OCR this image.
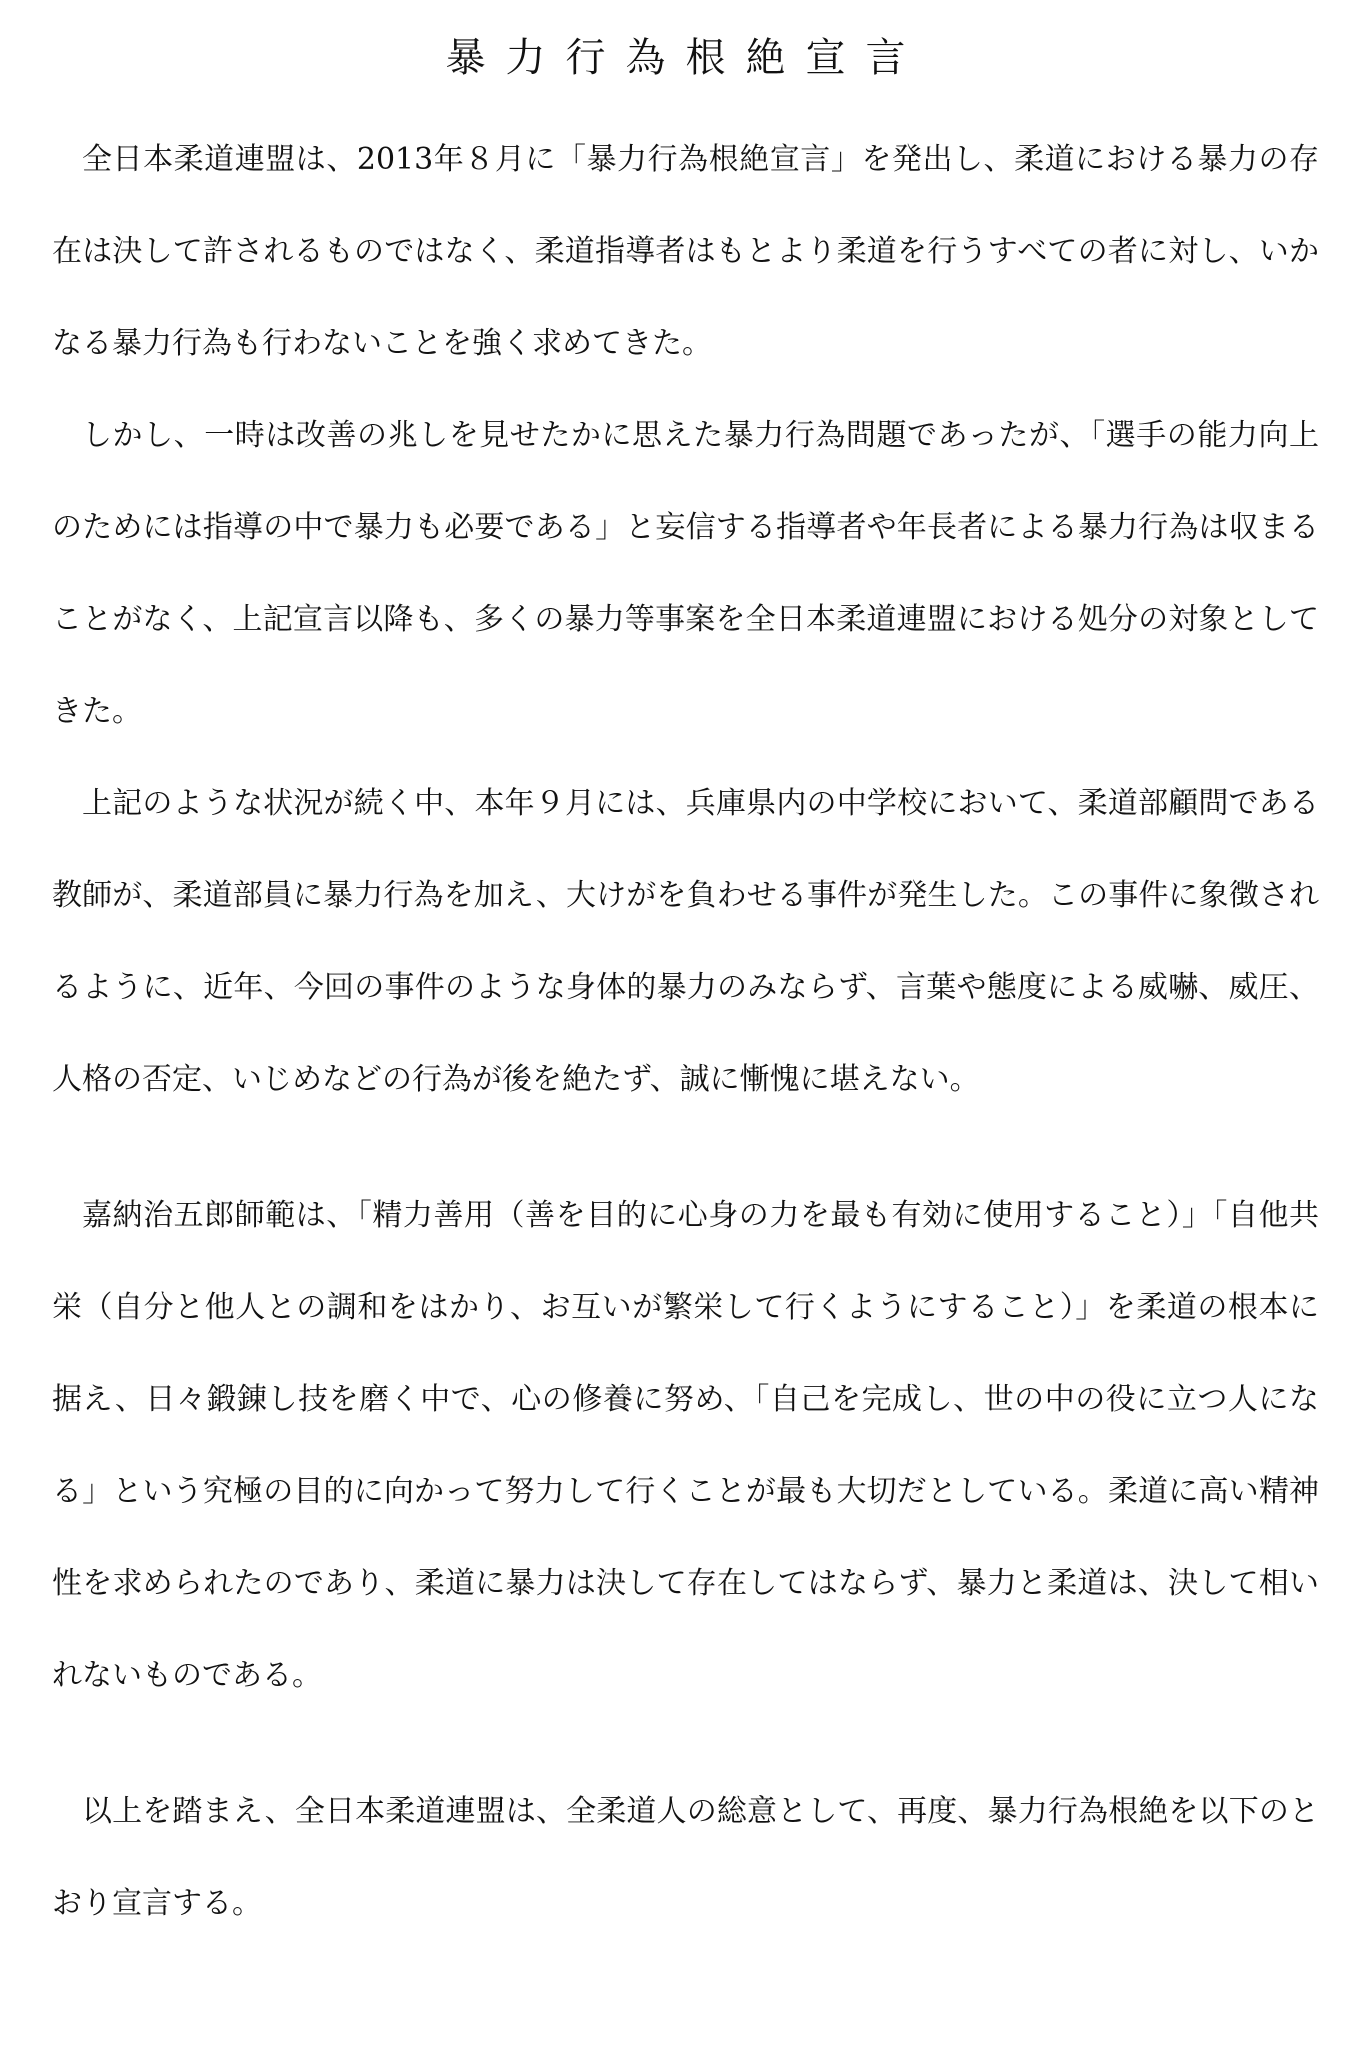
暴力行為根絶宣言

全日本柔道連盟は、2013年８月に「暴力行為根絶宣言」を発出し、柔道における暴力の存在は決して許されるものではなく、柔道指導者はもとより柔道を行うすべての者に対し、いかなる暴力行為も行わないことを強く求めてきた。

しかし、一時は改善の兆しを見せたかに思えた暴力行為問題であったが、「選手の能力向上のためには指導の中で暴力も必要である」と妄信する指導者や年長者による暴力行為は収まることがなく、上記宣言以降も、多くの暴力等事案を全日本柔道連盟における処分の対象としてきた。

上記のような状況が続く中、本年９月には、兵庫県内の中学校において、柔道部顧問である教師が、柔道部員に暴力行為を加え、大けがを負わせる事件が発生した。この事件に象徴されるように、近年、今回の事件のような身体的暴力のみならず、言葉や態度による威嚇、威圧、人格の否定、いじめなどの行為が後を絶たず、誠に慚愧に堪えない。

嘉納治五郎師範は、「精力善用（善を目的に心身の力を最も有効に使用すること）」「自他共栄（自分と他人との調和をはかり、お互いが繁栄して行くようにすること）」を柔道の根本に据え、日々鍛錬し技を磨く中で、心の修養に努め、「自己を完成し、世の中の役に立つ人になる」という究極の目的に向かって努力して行くことが最も大切だとしている。柔道に高い精神性を求められたのであり、柔道に暴力は決して存在してはならず、暴力と柔道は、決して相いれないものである。

以上を踏まえ、全日本柔道連盟は、全柔道人の総意として、再度、暴力行為根絶を以下のとおり宣言する。
